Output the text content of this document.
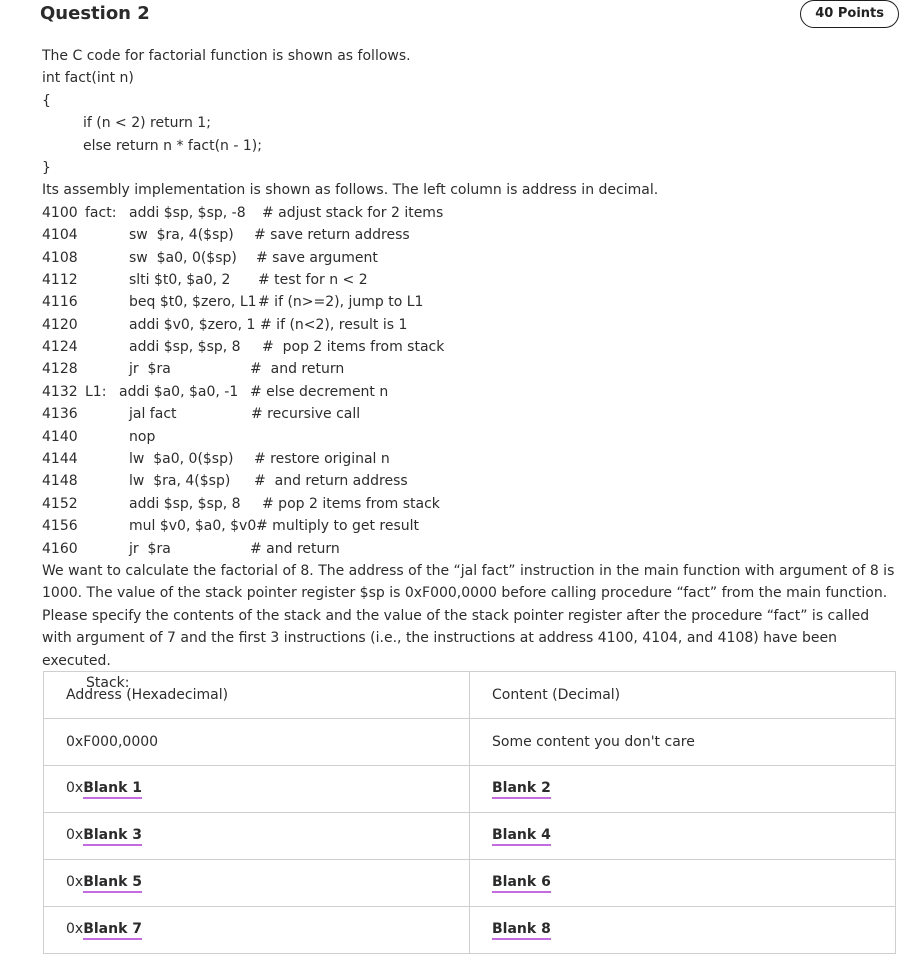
Question 2	40 Points
The C code for factorial function is shown as follows.
int fact(int n)
{
if (n < 2) return 1;
else return n * fact(n - 1);
}
Its assembly implementation is shown as follows. The left column is address in decimal.
4100 fact: addi $sp, $sp, -8 # adjust stack for 2 items
4104	sw  $ra, 4($sp) # save return address
4108	sw  $a0, 0($sp) # save argument
4112	slti $t0, $a0, 2 # test for n < 2
4116	beq $t0, $zero, L1 # if (n>=2), jump to L1
4120	addi $v0, $zero, 1 # if (n<2), result is 1
4124	addi $sp, $sp, 8 #  pop 2 items from stack
4128	jr  $ra	#  and return
4132 L1: addi $a0, $a0, -1 # else decrement n
4136	jal fact	# recursive call
4140	nop
4144	lw  $a0, 0($sp) # restore original n
4148	lw  $ra, 4($sp) #  and return address
4152	addi $sp, $sp, 8 # pop 2 items from stack
4156	mul $v0, $a0, $v0 # multiply to get result
4160	jr  $ra	# and return

We want to calculate the factorial of 8. The address of the “jal fact” instruction in the main function with argument of 8 is 1000. The value of the stack pointer register $sp is 0xF000,0000 before calling procedure “fact” from the main function. Please specify the contents of the stack and the value of the stack pointer register after the procedure “fact” is called with argument of 7 and the first 3 instructions (i.e., the instructions at address 4100, 4104, and 4108) have been executed.

Stack:
Address (Hexadecimal)	Content (Decimal)
0xF000,0000	Some content you don't care
0xBlank 1	Blank 2
0xBlank 3	Blank 4
0xBlank 5	Blank 6
0xBlank 7	Blank 8
